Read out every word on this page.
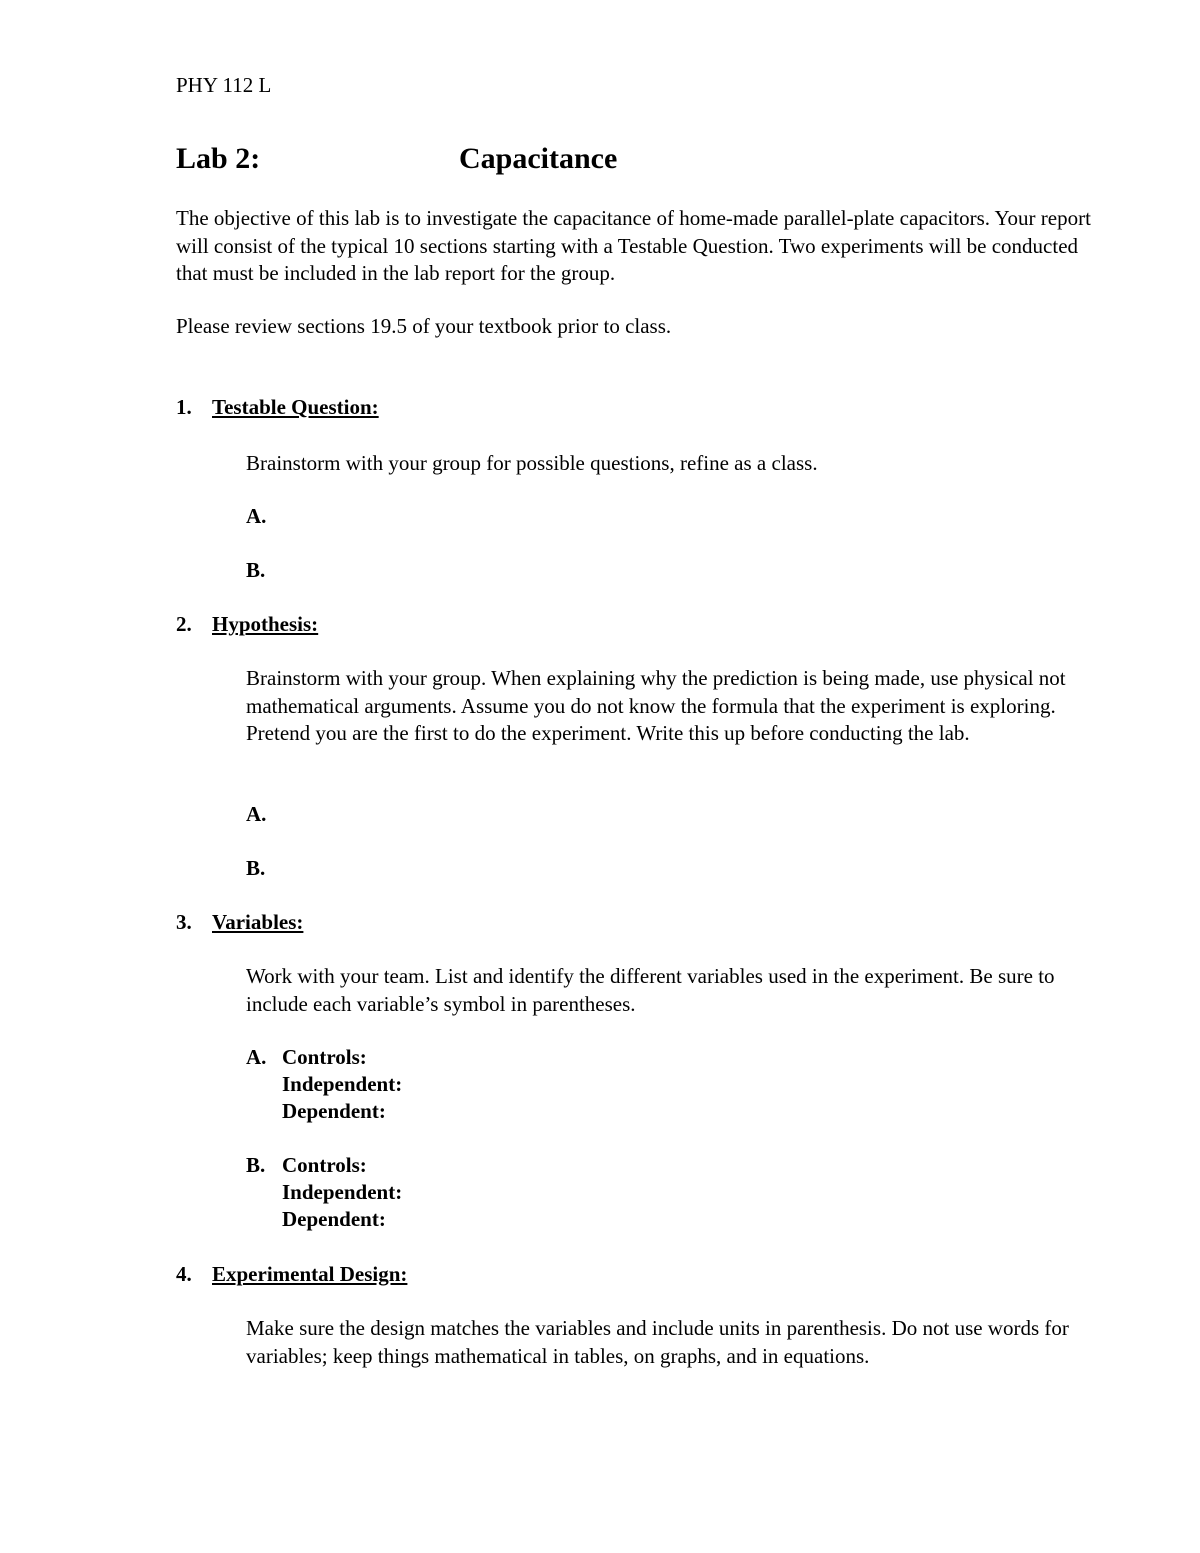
PHY 112 L
Lab 2:	Capacitance
The objective of this lab is to investigate the capacitance of home-made parallel-plate capacitors. Your report will consist of the typical 10 sections starting with a Testable Question. Two experiments will be conducted that must be included in the lab report for the group.
Please review sections 19.5 of your textbook prior to class.
1. Testable Question:
Brainstorm with your group for possible questions, refine as a class.
A.
B.
2. Hypothesis:
Brainstorm with your group. When explaining why the prediction is being made, use physical not mathematical arguments. Assume you do not know the formula that the experiment is exploring. Pretend you are the first to do the experiment. Write this up before conducting the lab.
A.
B.
3. Variables:
Work with your team. List and identify the different variables used in the experiment. Be sure to include each variable’s symbol in parentheses.
A. Controls:
Independent:
Dependent:
B. Controls:
Independent:
Dependent:
4. Experimental Design:
Make sure the design matches the variables and include units in parenthesis. Do not use words for variables; keep things mathematical in tables, on graphs, and in equations.
